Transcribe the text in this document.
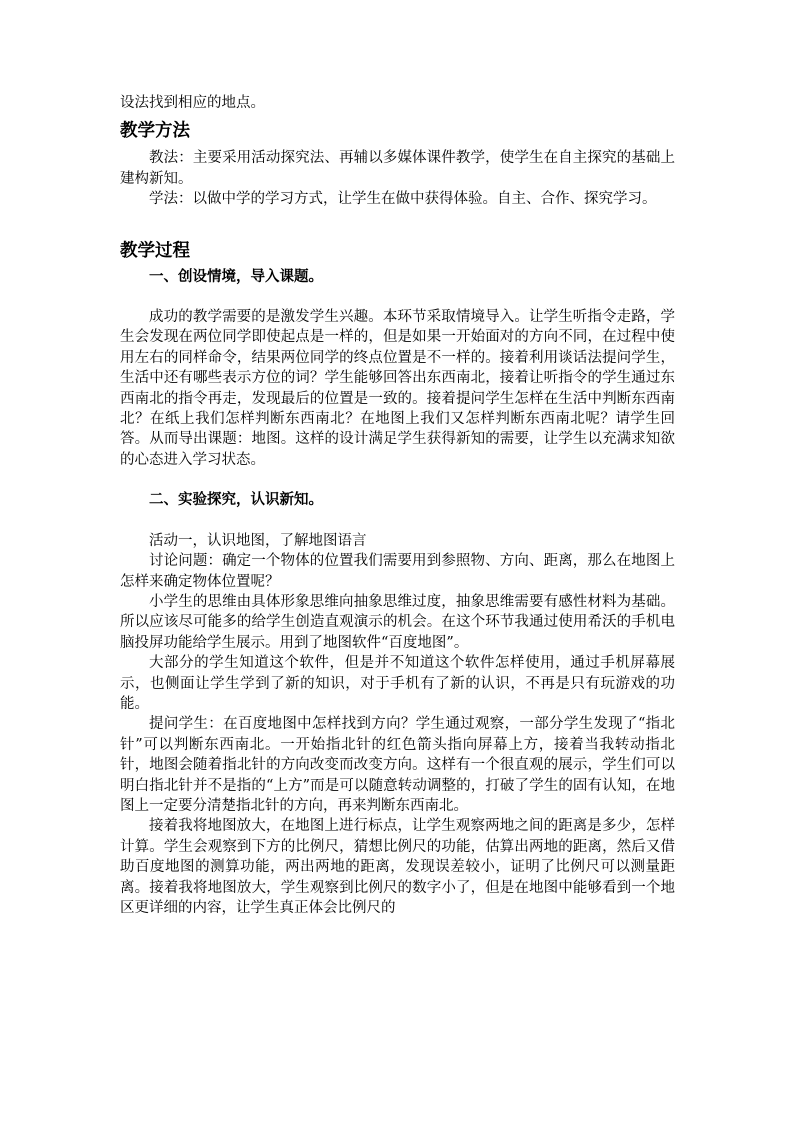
设法找到相应的地点。

教学方法

教法：主要采用活动探究法、再辅以多媒体课件教学，使学生在自主探究的基础上建构新知。

学法：以做中学的学习方式，让学生在做中获得体验。自主、合作、探究学习。

教学过程
一、创设情境，导入课题。

成功的教学需要的是激发学生兴趣。本环节采取情境导入。让学生听指令走路，学生会发现在两位同学即使起点是一样的，但是如果一开始面对的方向不同，在过程中使用左右的同样命令，结果两位同学的终点位置是不一样的。接着利用谈话法提问学生，生活中还有哪些表示方位的词？学生能够回答出东西南北，接着让听指令的学生通过东西南北的指令再走，发现最后的位置是一致的。接着提问学生怎样在生活中判断东西南北？在纸上我们怎样判断东西南北？在地图上我们又怎样判断东西南北呢？请学生回答。从而导出课题：地图。这样的设计满足学生获得新知的需要，让学生以充满求知欲的心态进入学习状态。

二、实验探究，认识新知。

活动一，认识地图，了解地图语言

讨论问题：确定一个物体的位置我们需要用到参照物、方向、距离，那么在地图上怎样来确定物体位置呢？

小学生的思维由具体形象思维向抽象思维过度，抽象思维需要有感性材料为基础。所以应该尽可能多的给学生创造直观演示的机会。在这个环节我通过使用希沃的手机电脑投屏功能给学生展示。用到了地图软件“百度地图”。

大部分的学生知道这个软件，但是并不知道这个软件怎样使用，通过手机屏幕展示，也侧面让学生学到了新的知识，对于手机有了新的认识，不再是只有玩游戏的功能。

提问学生：在百度地图中怎样找到方向？学生通过观察，一部分学生发现了“指北针”可以判断东西南北。一开始指北针的红色箭头指向屏幕上方，接着当我转动指北针，地图会随着指北针的方向改变而改变方向。这样有一个很直观的展示，学生们可以明白指北针并不是指的“上方”而是可以随意转动调整的，打破了学生的固有认知，在地图上一定要分清楚指北针的方向，再来判断东西南北。

接着我将地图放大，在地图上进行标点，让学生观察两地之间的距离是多少，怎样计算。学生会观察到下方的比例尺，猜想比例尺的功能，估算出两地的距离，然后又借助百度地图的测算功能，两出两地的距离，发现误差较小，证明了比例尺可以测量距离。接着我将地图放大，学生观察到比例尺的数字小了，但是在地图中能够看到一个地区更详细的内容，让学生真正体会比例尺的
